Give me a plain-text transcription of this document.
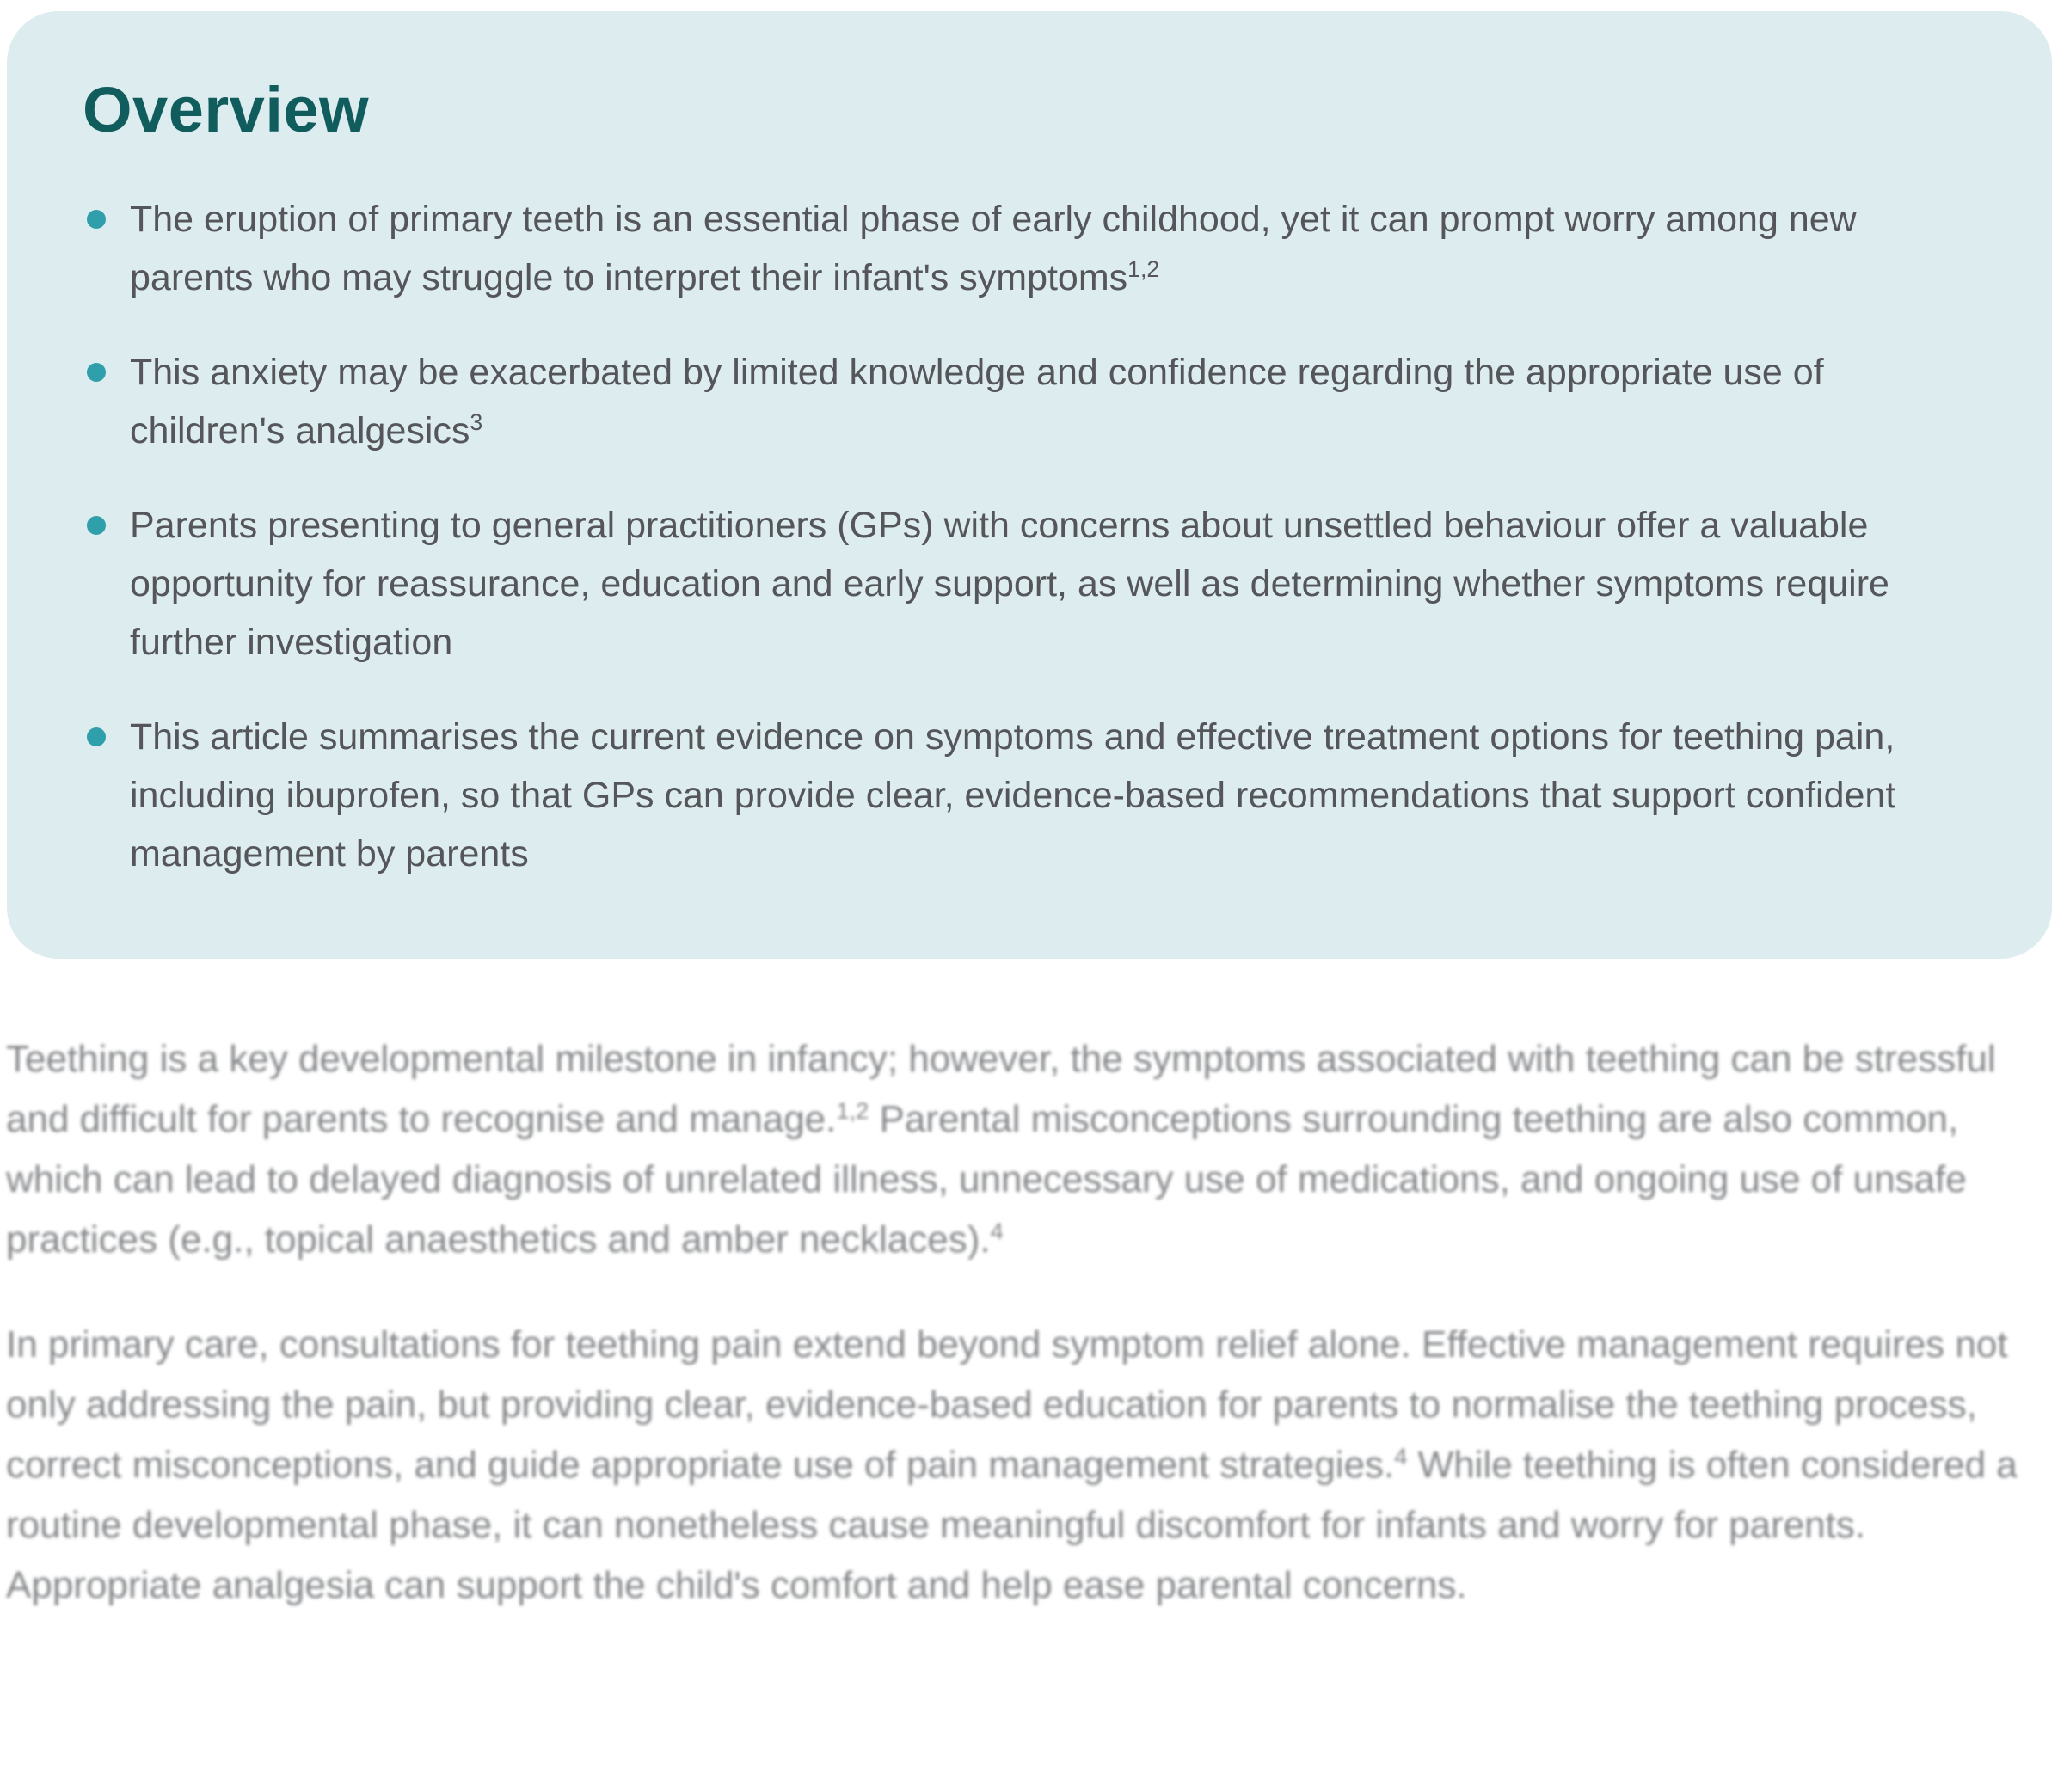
Overview
The eruption of primary teeth is an essential phase of early childhood, yet it can prompt worry among new parents who may struggle to interpret their infant's symptoms$^{1,2}$
This anxiety may be exacerbated by limited knowledge and confidence regarding the appropriate use of children's analgesics$^3$
Parents presenting to general practitioners (GPs) with concerns about unsettled behaviour offer a valuable opportunity for reassurance, education and early support, as well as determining whether symptoms require further investigation
This article summarises the current evidence on symptoms and effective treatment options for teething pain, including ibuprofen, so that GPs can provide clear, evidence-based recommendations that support confident management by parents

Teething is a key developmental milestone in infancy; however, the symptoms associated with teething can be stressful and difficult for parents to recognise and manage.$^{1,2}$ Parental misconceptions surrounding teething are also common, which can lead to delayed diagnosis of unrelated illness, unnecessary use of medications, and ongoing use of unsafe practices (e.g., topical anaesthetics and amber necklaces).$^4$

In primary care, consultations for teething pain extend beyond symptom relief alone. Effective management requires not only addressing the pain, but providing clear, evidence-based education for parents to normalise the teething process, correct misconceptions, and guide appropriate use of pain management strategies.$^4$ While teething is often considered a routine developmental phase, it can nonetheless cause meaningful discomfort for infants and worry for parents. Appropriate analgesia can support the child's comfort and help ease parental concerns.
